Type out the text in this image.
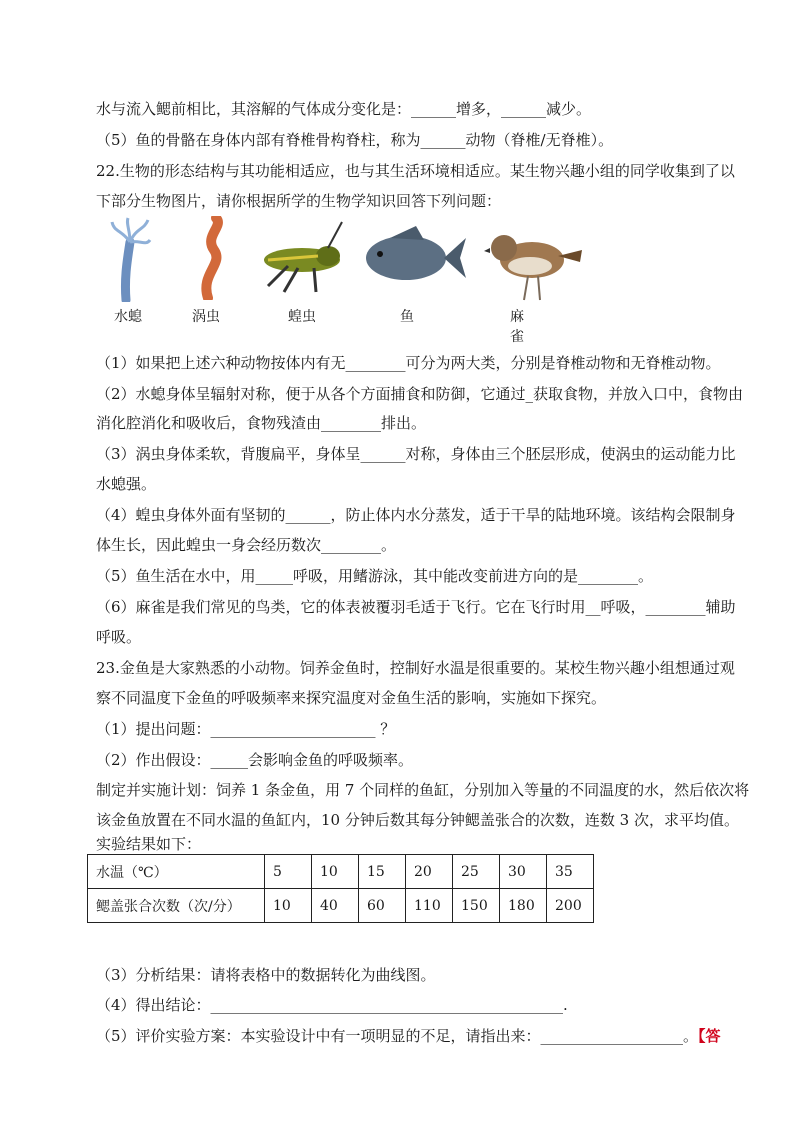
水与流入鳃前相比，其溶解的气体成分变化是：______增多，______减少。
（5）鱼的骨骼在身体内部有脊椎骨构脊柱，称为______动物（脊椎/无脊椎）。
22.生物的形态结构与其功能相适应，也与其生活环境相适应。某生物兴趣小组的同学收集到了以
下部分生物图片，请你根据所学的生物学知识回答下列问题：
水螅	涡虫	蝗虫	鱼	麻雀
（1）如果把上述六种动物按体内有无________可分为两大类，分别是脊椎动物和无脊椎动物。
（2）水螅身体呈辐射对称，便于从各个方面捕食和防御，它通过_获取食物，并放入口中，食物由
消化腔消化和吸收后，食物残渣由________排出。
（3）涡虫身体柔软，背腹扁平，身体呈______对称，身体由三个胚层形成，使涡虫的运动能力比
水螅强。
（4）蝗虫身体外面有坚韧的______，防止体内水分蒸发，适于干旱的陆地环境。该结构会限制身
体生长，因此蝗虫一身会经历数次________。
（5）鱼生活在水中，用_____呼吸，用鳍游泳，其中能改变前进方向的是________。
（6）麻雀是我们常见的鸟类，它的体表被覆羽毛适于飞行。它在飞行时用__呼吸，________辅助
呼吸。
23.金鱼是大家熟悉的小动物。饲养金鱼时，控制好水温是很重要的。某校生物兴趣小组想通过观
察不同温度下金鱼的呼吸频率来探究温度对金鱼生活的影响，实施如下探究。
（1）提出问题：______________________ ？
（2）作出假设：_____会影响金鱼的呼吸频率。
制定并实施计划：饲养 1 条金鱼，用 7 个同样的鱼缸，分别加入等量的不同温度的水，然后依次将
该金鱼放置在不同水温的鱼缸内，10 分钟后数其每分钟鳃盖张合的次数，连数 3 次，求平均值。
实验结果如下：
水温（℃）	5	10	15	20	25	30	35
鳃盖张合次数（次/分）	10	40	60	110	150	180	200
（3）分析结果：请将表格中的数据转化为曲线图。
（4）得出结论：_______________________________________________.
（5）评价实验方案：本实验设计中有一项明显的不足，请指出来：___________________。【答
